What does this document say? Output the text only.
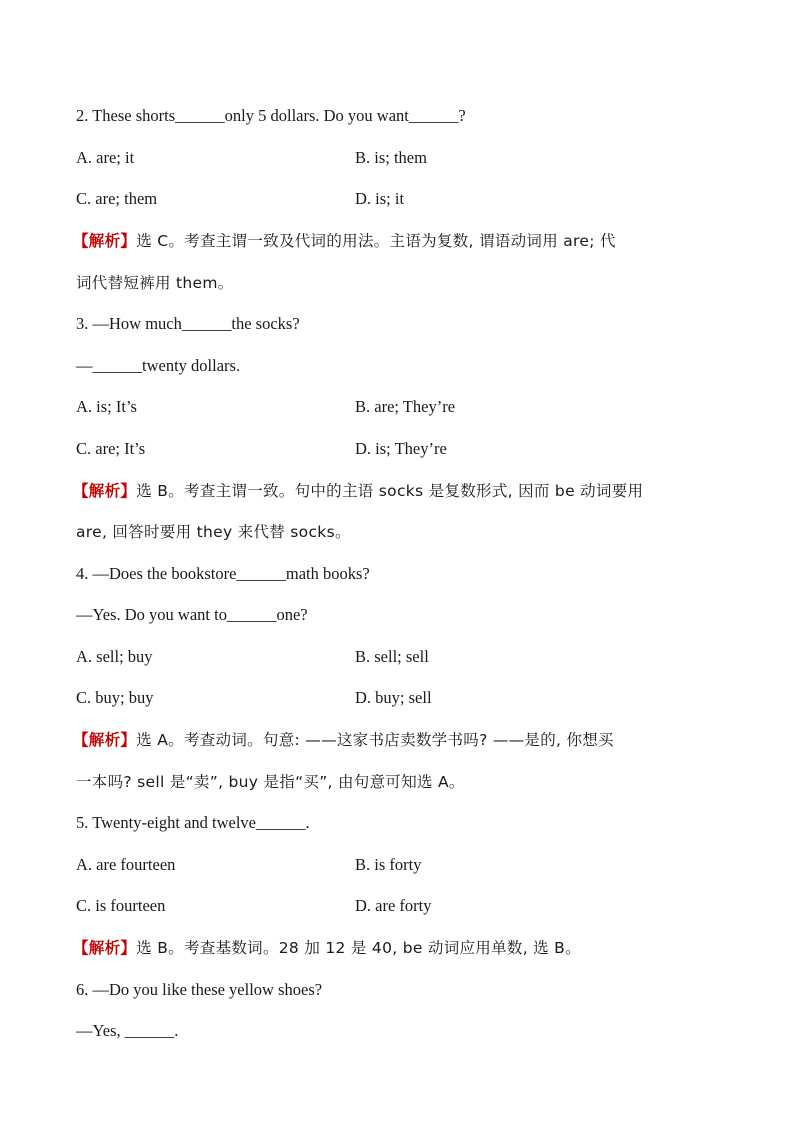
2. These shorts______only 5 dollars. Do you want______?
A. are; it	B. is; them
C. are; them	D. is; it
【解析】选 C。考查主谓一致及代词的用法。主语为复数, 谓语动词用 are; 代
词代替短裤用 them。
3. —How much______the socks?
—______twenty dollars.
A. is; It’s	B. are; They’re
C. are; It’s	D. is; They’re
【解析】选 B。考查主谓一致。句中的主语 socks 是复数形式, 因而 be 动词要用
are, 回答时要用 they 来代替 socks。
4. —Does the bookstore______math books?
—Yes. Do you want to______one?
A. sell; buy	B. sell; sell
C. buy; buy	D. buy; sell
【解析】选 A。考查动词。句意: ——这家书店卖数学书吗? ——是的, 你想买
一本吗? sell 是“卖”, buy 是指“买”, 由句意可知选 A。
5. Twenty-eight and twelve______.
A. are fourteen	B. is forty
C. is fourteen	D. are forty
【解析】选 B。考查基数词。28 加 12 是 40, be 动词应用单数, 选 B。
6. —Do you like these yellow shoes?
—Yes, ______.
